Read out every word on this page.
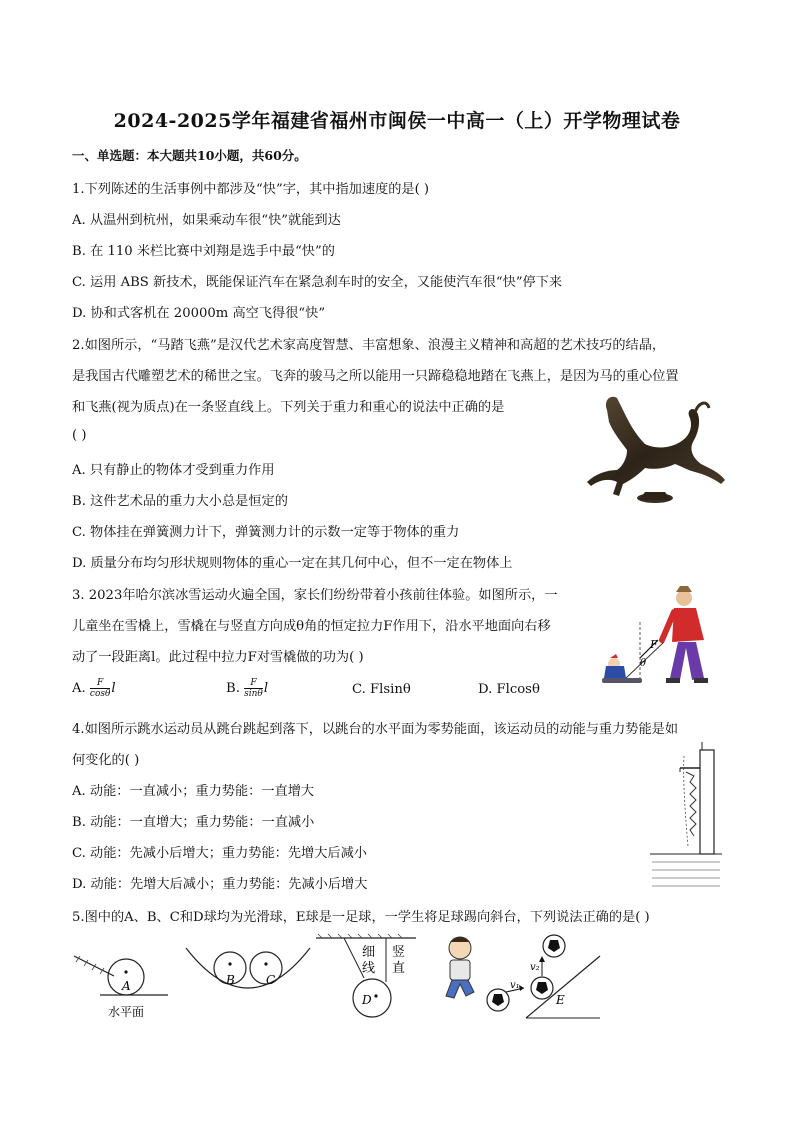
2024-2025学年福建省福州市闽侯一中高一（上）开学物理试卷
一、单选题：本大题共10小题，共60分。
1.下列陈述的生活事例中都涉及“快”字，其中指加速度的是( )
A. 从温州到杭州，如果乘动车很“快”就能到达
B. 在 110 米栏比赛中刘翔是选手中最“快”的
C. 运用 ABS 新技术，既能保证汽车在紧急刹车时的安全，又能使汽车很“快”停下来
D. 协和式客机在 20000m 高空飞得很“快”
2.如图所示，“马踏飞燕”是汉代艺术家高度智慧、丰富想象、浪漫主义精神和高超的艺术技巧的结晶，
是我国古代雕塑艺术的稀世之宝。飞奔的骏马之所以能用一只蹄稳稳地踏在飞燕上，是因为马的重心位置
和飞燕(视为质点)在一条竖直线上。下列关于重力和重心的说法中正确的是
( )
A. 只有静止的物体才受到重力作用
B. 这件艺术品的重力大小总是恒定的
C. 物体挂在弹簧测力计下，弹簧测力计的示数一定等于物体的重力
D. 质量分布均匀形状规则物体的重心一定在其几何中心，但不一定在物体上
3. 2023年哈尔滨冰雪运动火遍全国，家长们纷纷带着小孩前往体验。如图所示，一
儿童坐在雪橇上，雪橇在与竖直方向成θ角的恒定拉力F作用下，沿水平地面向右移
动了一段距离l。此过程中拉力F对雪橇做的功为( )
A. $\frac{F}{\cos\theta}$ l	B. $\frac{F}{\sin\theta}$ l	C. Flsinθ	D. Flcosθ
F
θ
4.如图所示跳水运动员从跳台跳起到落下，以跳台的水平面为零势能面，该运动员的动能与重力势能是如
何变化的( )
A. 动能：一直减小；重力势能：一直增大
B. 动能：一直增大；重力势能：一直减小
C. 动能：先减小后增大；重力势能：先增大后减小
D. 动能：先增大后减小；重力势能：先减小后增大
5.图中的A、B、C和D球均为光滑球，E球是一足球，一学生将足球踢向斜台，下列说法正确的是( )
A
水平面
B	C
D
细
线
竖
直
v₁
E
v₂
